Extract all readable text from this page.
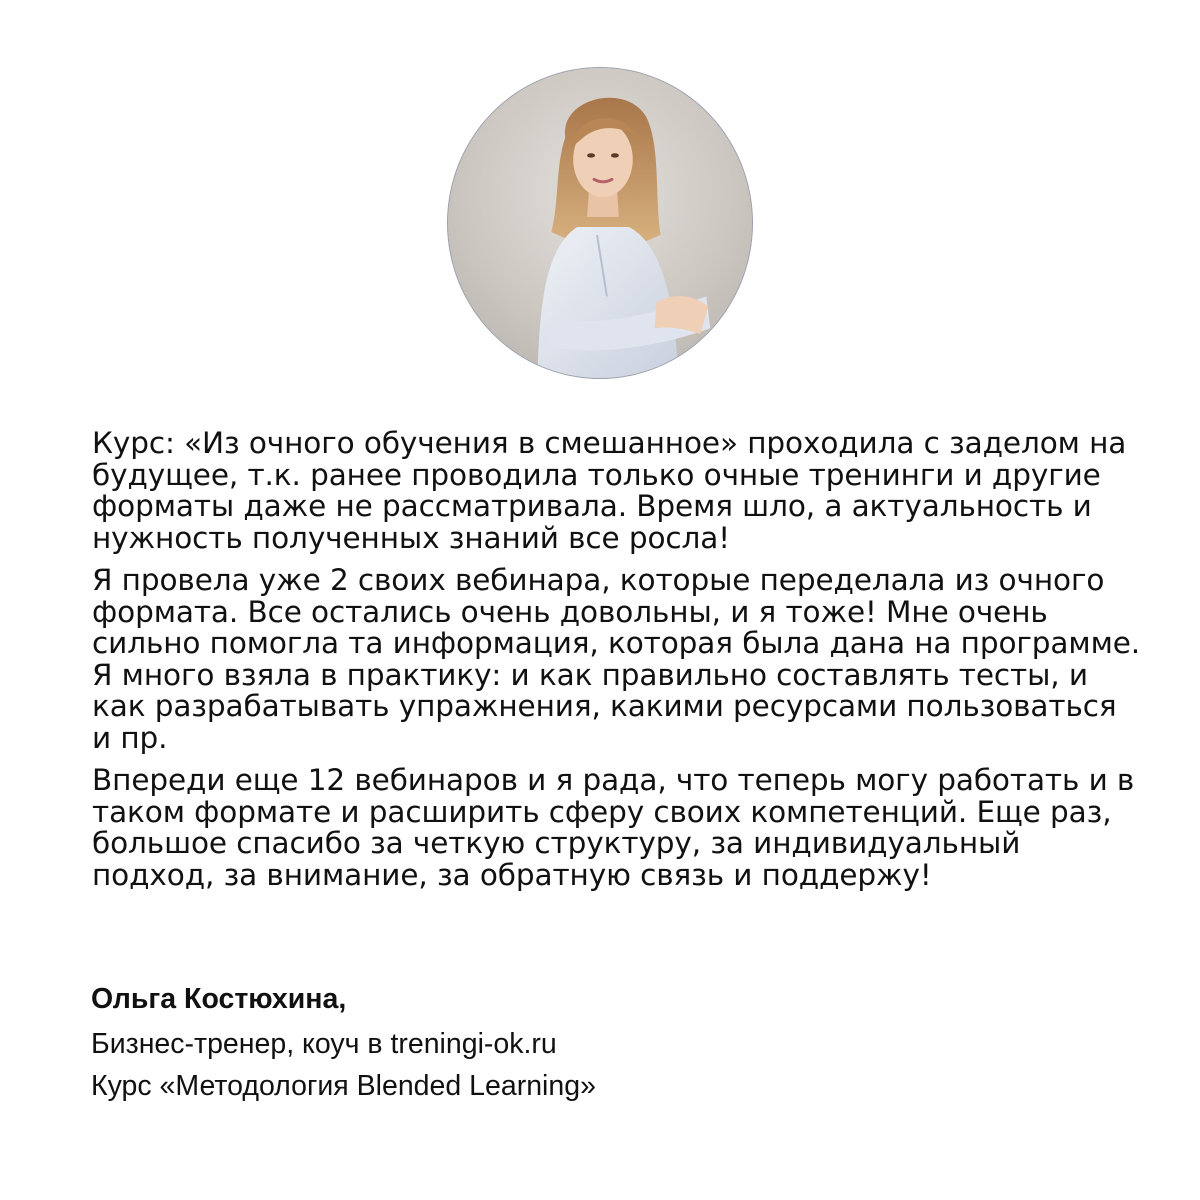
Курс: «Из очного обучения в смешанное» проходила с заделом на будущее, т.к. ранее проводила только очные тренинги и другие форматы даже не рассматривала. Время шло, а актуальность и нужность полученных знаний все росла!

Я провела уже 2 своих вебинара, которые переделала из очного формата. Все остались очень довольны, и я тоже! Мне очень сильно помогла та информация, которая была дана на программе. Я много взяла в практику: и как правильно составлять тесты, и как разрабатывать упражнения, какими ресурсами пользоваться и пр.

Впереди еще 12 вебинаров и я рада, что теперь могу работать и в таком формате и расширить сферу своих компетенций. Еще раз, большое спасибо за четкую структуру, за индивидуальный подход, за внимание, за обратную связь и поддержу!

Ольга Костюхина,
Бизнес-тренер, коуч в treningi-ok.ru
Курс «Методология Blended Learning»
